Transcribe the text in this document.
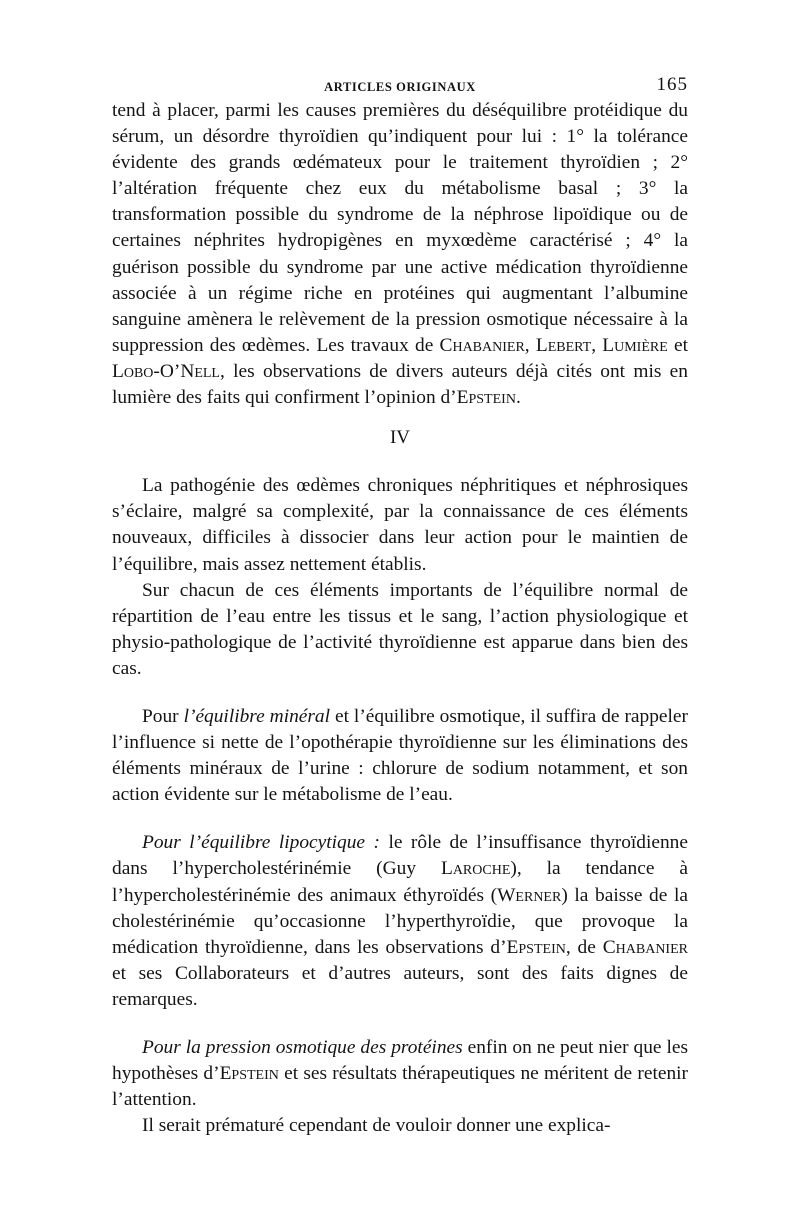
ARTICLES ORIGINAUX	165

tend à placer, parmi les causes premières du déséquilibre protéidique du sérum, un désordre thyroïdien qu’indiquent pour lui : 1° la tolérance évidente des grands œdémateux pour le traitement thyroïdien ; 2° l’altération fréquente chez eux du métabolisme basal ; 3° la transformation possible du syndrome de la néphrose lipoïdique ou de certaines néphrites hydropigènes en myxœdème caractérisé ; 4° la guérison possible du syndrome par une active médication thyroïdienne associée à un régime riche en protéines qui augmentant l’albumine sanguine amènera le relèvement de la pression osmotique nécessaire à la suppression des œdèmes. Les travaux de Chabanier, Lebert, Lumière et Lobo-O’Nell, les observations de divers auteurs déjà cités ont mis en lumière des faits qui confirment l’opinion d’Epstein.

IV

La pathogénie des œdèmes chroniques néphritiques et néphrosiques s’éclaire, malgré sa complexité, par la connaissance de ces éléments nouveaux, difficiles à dissocier dans leur action pour le maintien de l’équilibre, mais assez nettement établis.

Sur chacun de ces éléments importants de l’équilibre normal de répartition de l’eau entre les tissus et le sang, l’action physiologique et physio-pathologique de l’activité thyroïdienne est apparue dans bien des cas.

Pour l’équilibre minéral et l’équilibre osmotique, il suffira de rappeler l’influence si nette de l’opothérapie thyroïdienne sur les éliminations des éléments minéraux de l’urine : chlorure de sodium notamment, et son action évidente sur le métabolisme de l’eau.

Pour l’équilibre lipocytique : le rôle de l’insuffisance thyroïdienne dans l’hypercholestérinémie (Guy Laroche), la tendance à l’hypercholestérinémie des animaux éthyroïdés (Werner) la baisse de la cholestérinémie qu’occasionne l’hyperthyroïdie, que provoque la médication thyroïdienne, dans les observations d’Epstein, de Chabanier et ses Collaborateurs et d’autres auteurs, sont des faits dignes de remarques.

Pour la pression osmotique des protéines enfin on ne peut nier que les hypothèses d’Epstein et ses résultats thérapeutiques ne méritent de retenir l’attention.

Il serait prématuré cependant de vouloir donner une explica-
